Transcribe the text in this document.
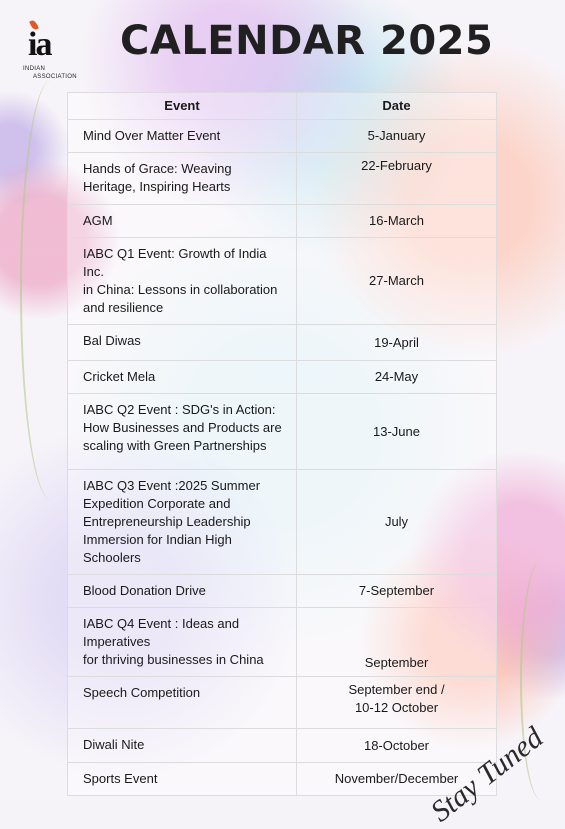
ia
INDIAN
ASSOCIATION
CALENDAR 2025
Event	Date
Mind Over Matter Event	5-January
Hands of Grace: Weaving
Heritage, Inspiring Hearts	22-February
AGM	16-March
IABC Q1 Event: Growth of India Inc.
in China: Lessons in collaboration
and resilience	27-March
Bal Diwas	19-April
Cricket Mela	24-May
IABC Q2 Event : SDG's in Action:
How Businesses and Products are
scaling with Green Partnerships	13-June
IABC Q3 Event :2025 Summer
Expedition Corporate and
Entrepreneurship Leadership
Immersion for Indian High Schoolers	July
Blood Donation Drive	7-September
IABC Q4 Event : Ideas and Imperatives
for thriving businesses in China	September
Speech Competition	September end /
10-12 October
Diwali Nite	18-October
Sports Event	November/December
Stay Tuned
